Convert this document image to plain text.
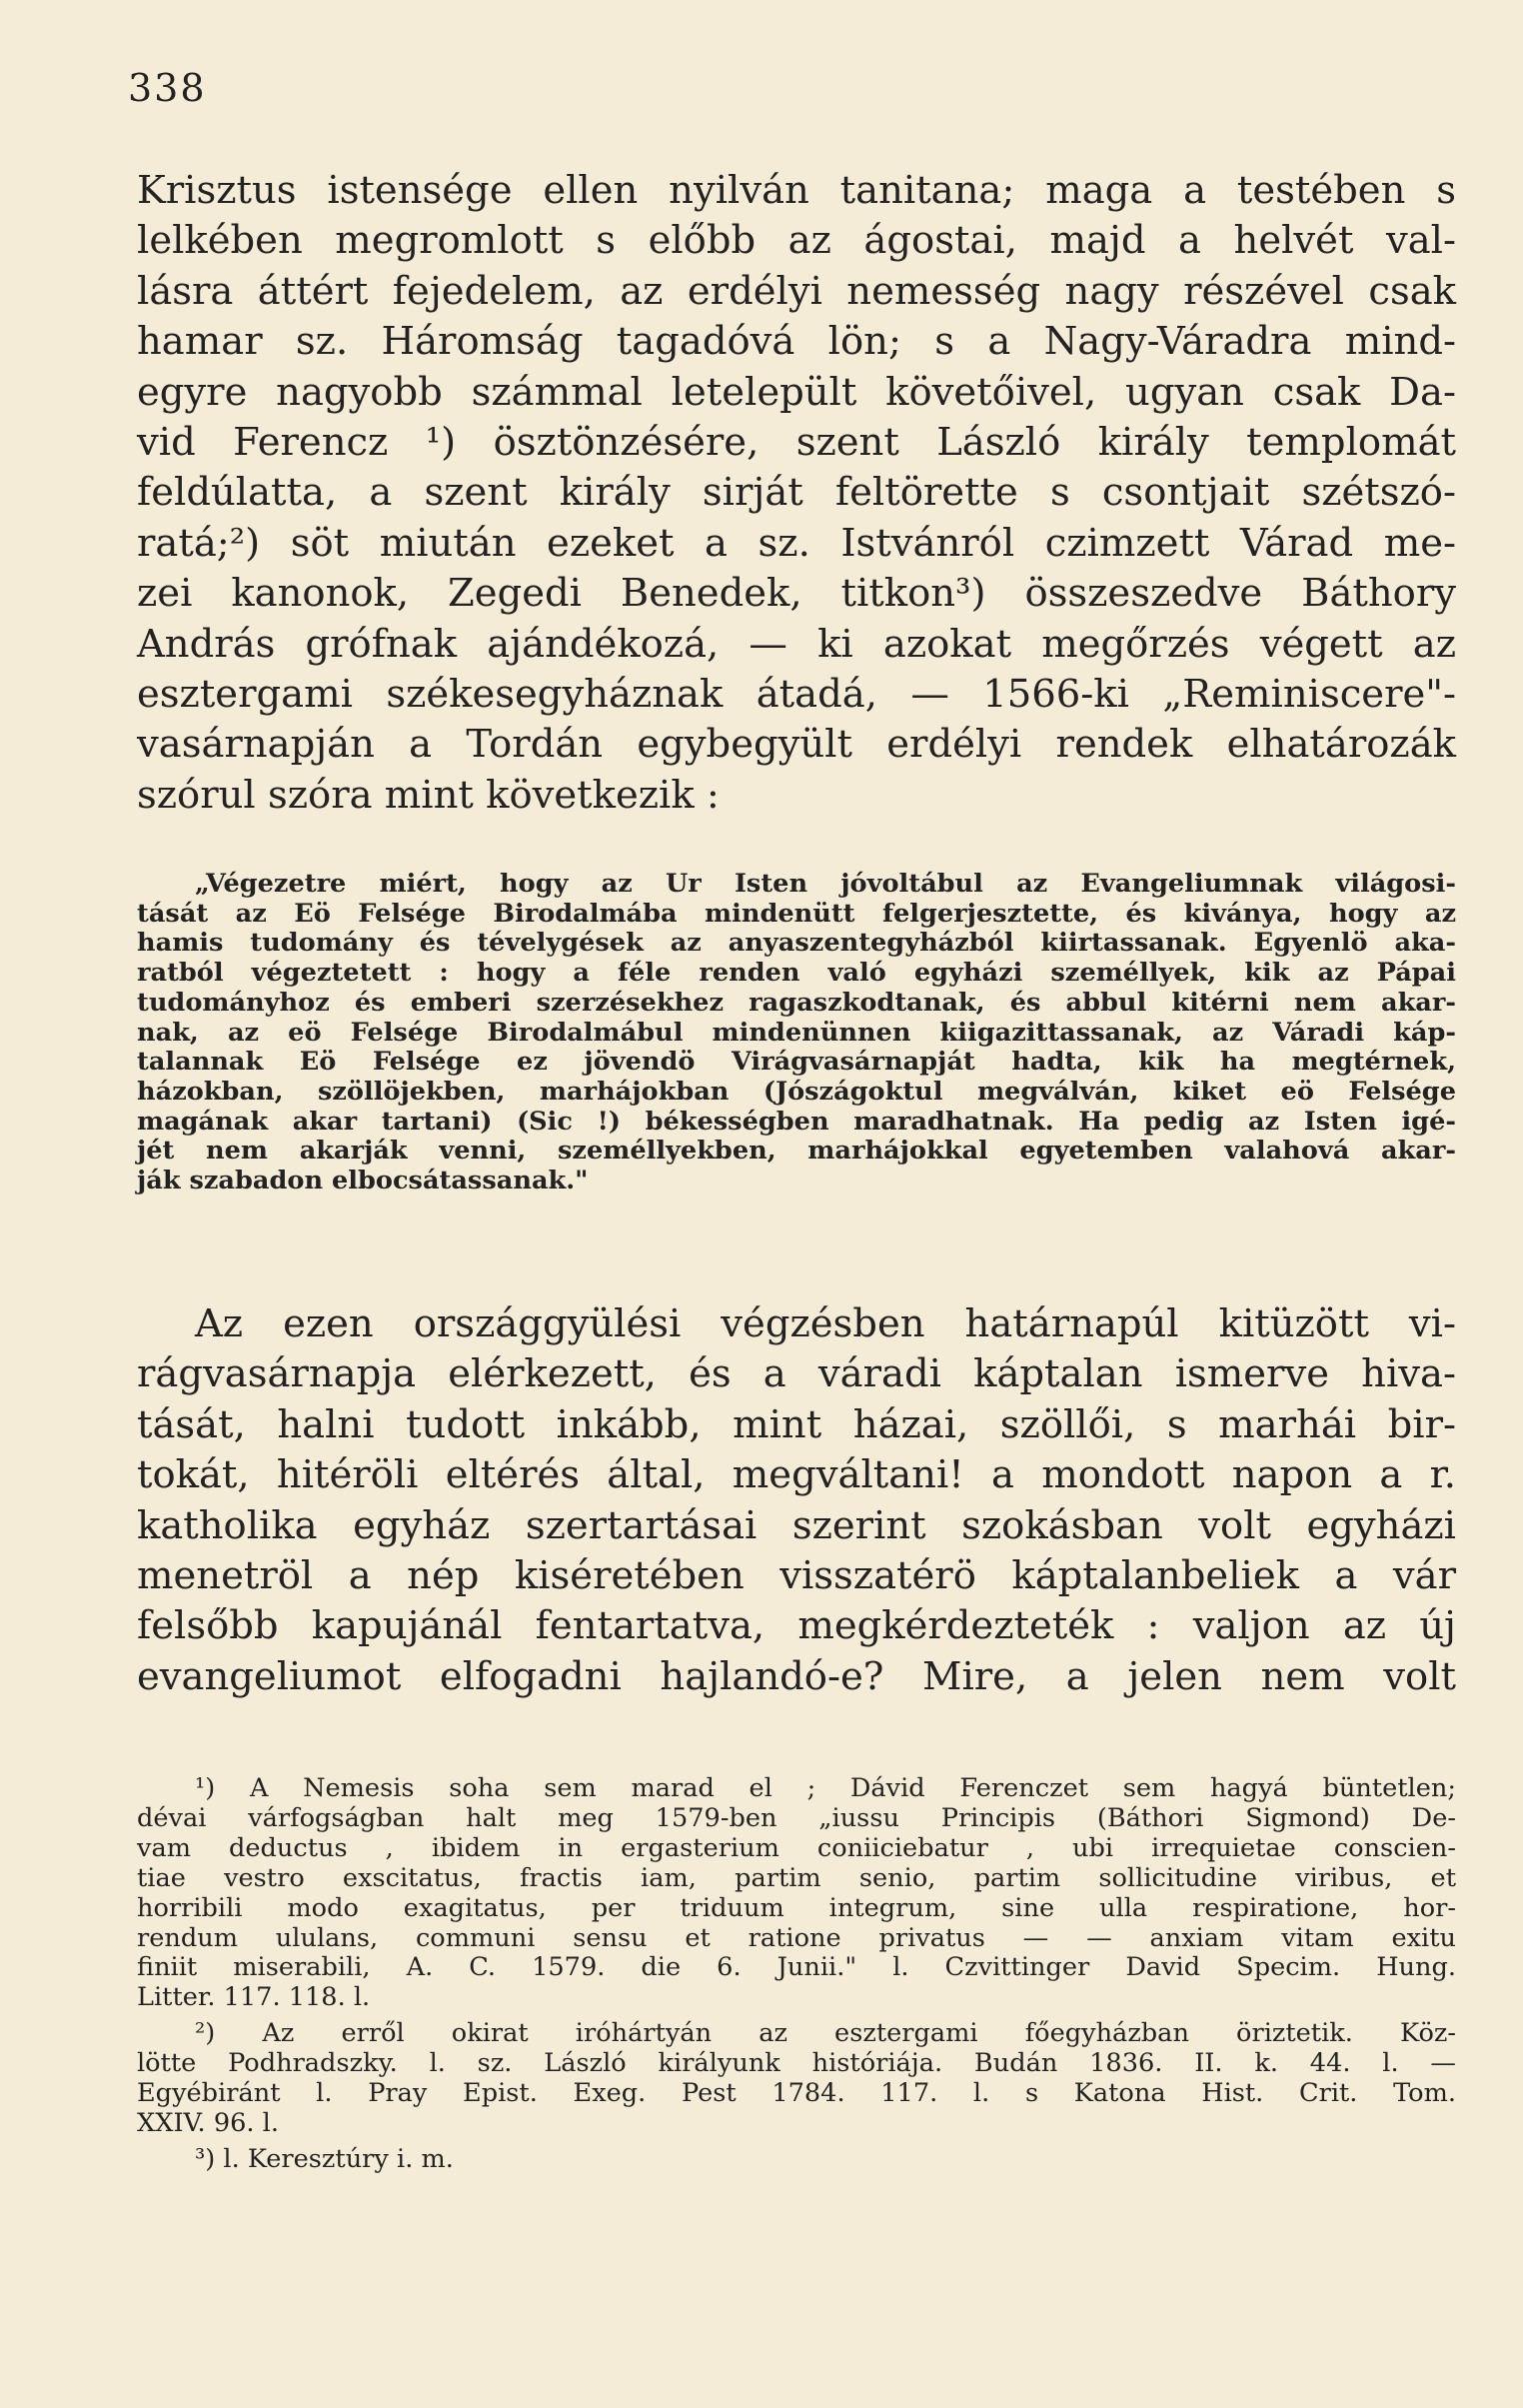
338
Krisztus istensége ellen nyilván tanitana; maga a testében s
lelkében megromlott s előbb az ágostai, majd a helvét val-
lásra áttért fejedelem, az erdélyi nemesség nagy részével csak
hamar sz. Háromság tagadóvá lön; s a Nagy-Váradra mind-
egyre nagyobb számmal letelepült követőivel, ugyan csak Da-
vid Ferencz ¹) ösztönzésére, szent László király templomát
feldúlatta, a szent király sirját feltörette s csontjait szétszó-
ratá;²) söt miután ezeket a sz. Istvánról czimzett Várad me-
zei kanonok, Zegedi Benedek, titkon³) összeszedve Báthory
András grófnak ajándékozá, — ki azokat megőrzés végett az
esztergami székesegyháznak átadá, — 1566-ki „Reminiscere"-
vasárnapján a Tordán egybegyült erdélyi rendek elhatározák
szórul szóra mint következik :
„Végezetre miért, hogy az Ur Isten jóvoltábul az Evangeliumnak világosi-
tását az Eö Felsége Birodalmába mindenütt felgerjesztette, és kiványa, hogy az
hamis tudomány és tévelygések az anyaszentegyházból kiirtassanak. Egyenlö aka-
ratból végeztetett : hogy a féle renden való egyházi személlyek, kik az Pápai
tudományhoz és emberi szerzésekhez ragaszkodtanak, és abbul kitérni nem akar-
nak, az eö Felsége Birodalmábul mindenünnen kiigazittassanak, az Váradi káp-
talannak Eö Felsége ez jövendö Virágvasárnapját hadta, kik ha megtérnek,
házokban, szöllöjekben, marhájokban (Jószágoktul megválván, kiket eö Felsége
magának akar tartani) (Sic !) békességben maradhatnak. Ha pedig az Isten igé-
jét nem akarják venni, személlyekben, marhájokkal egyetemben valahová akar-
ják szabadon elbocsátassanak."
Az ezen országgyülési végzésben határnapúl kitüzött vi-
rágvasárnapja elérkezett, és a váradi káptalan ismerve hiva-
tását, halni tudott inkább, mint házai, szöllői, s marhái bir-
tokát, hitéröli eltérés által, megváltani! a mondott napon a r.
katholika egyház szertartásai szerint szokásban volt egyházi
menetröl a nép kiséretében visszatérö káptalanbeliek a vár
felsőbb kapujánál fentartatva, megkérdezteték : valjon az új
evangeliumot elfogadni hajlandó-e? Mire, a jelen nem volt
¹) A Nemesis soha sem marad el ; Dávid Ferenczet sem hagyá büntetlen;
dévai várfogságban halt meg 1579-ben „iussu Principis (Báthori Sigmond) De-
vam deductus , ibidem in ergasterium coniiciebatur , ubi irrequietae conscien-
tiae vestro exscitatus, fractis iam, partim senio, partim sollicitudine viribus, et
horribili modo exagitatus, per triduum integrum, sine ulla respiratione, hor-
rendum ululans, communi sensu et ratione privatus — — anxiam vitam exitu
finiit miserabili, A. C. 1579. die 6. Junii." l. Czvittinger David Specim. Hung.
Litter. 117. 118. l.
²) Az erről okirat iróhártyán az esztergami főegyházban öriztetik. Köz-
lötte Podhradszky. l. sz. László királyunk históriája. Budán 1836. II. k. 44. l. —
Egyébiránt l. Pray Epist. Exeg. Pest 1784. 117. l. s Katona Hist. Crit. Tom.
XXIV. 96. l.
³) l. Keresztúry i. m.
